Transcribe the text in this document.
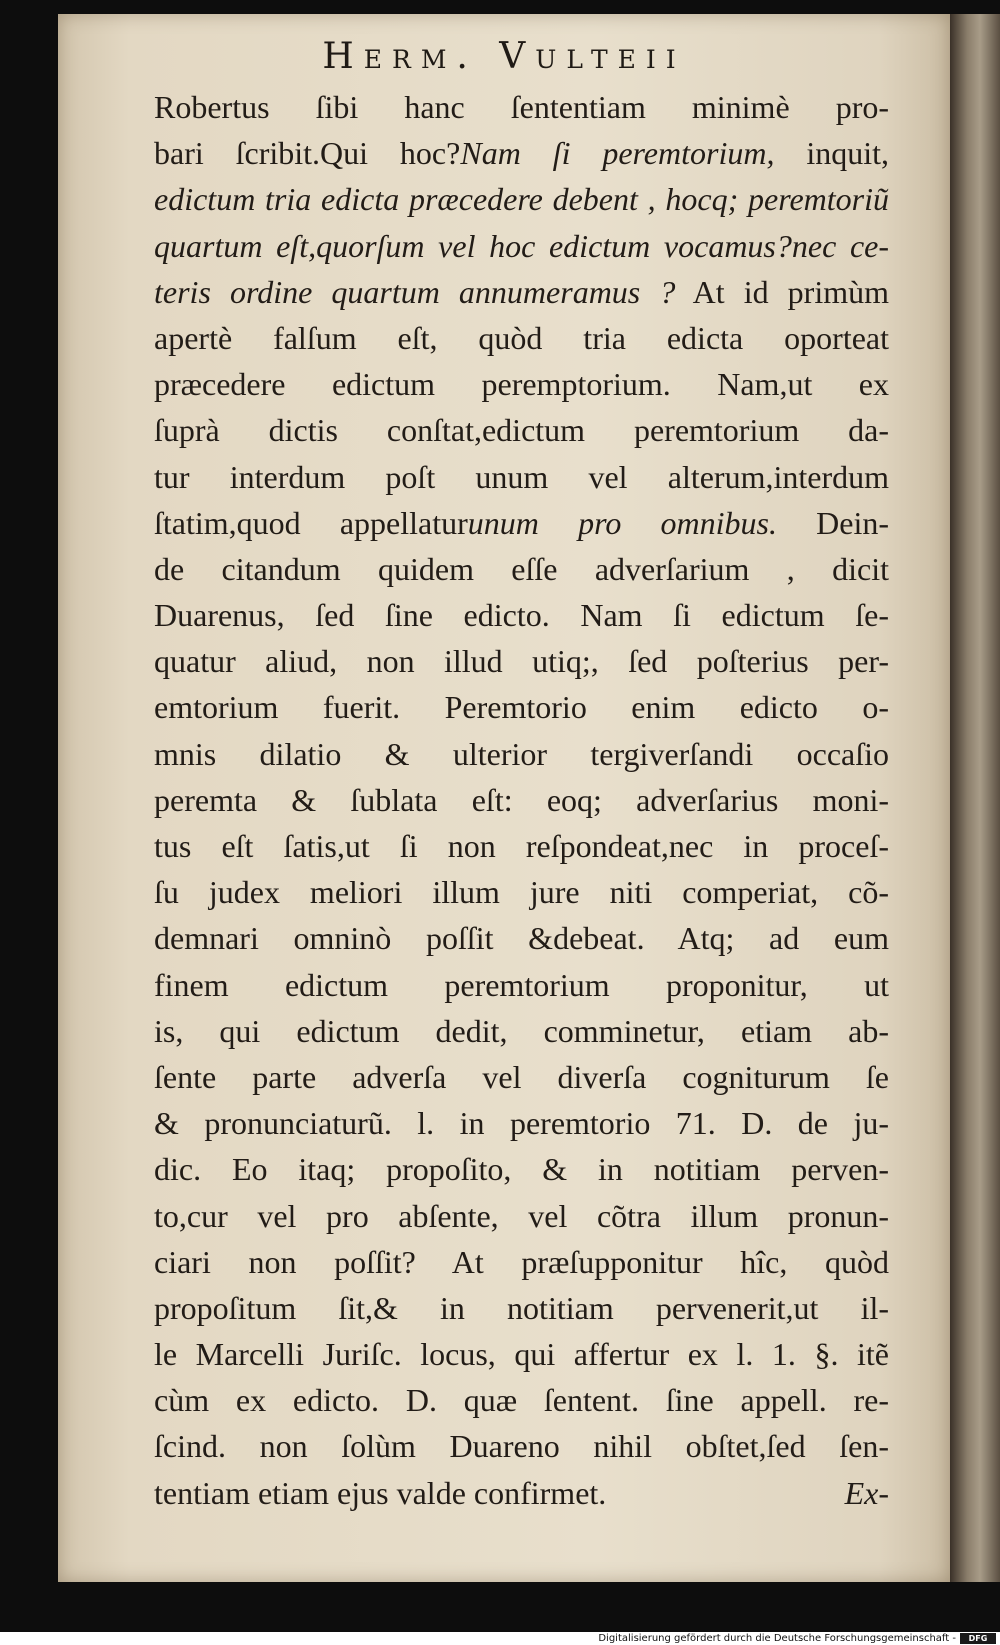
Herm. Vulteii
Robertus ſibi hanc ſententiam minimè pro-
bari ſcribit.Qui hoc?Nam ſi peremtorium, inquit,
edictum tria edicta præcedere debent , hocq; peremtoriũ
quartum eſt,quorſum vel hoc edictum vocamus?nec ce-
teris ordine quartum annumeramus ? At id primùm
apertè falſum eſt, quòd tria edicta oporteat
præcedere edictum peremptorium. Nam,ut ex
ſuprà dictis conſtat,edictum peremtorium da-
tur interdum poſt unum vel alterum,interdum
ſtatim,quod appellaturunum pro omnibus. Dein-
de citandum quidem eſſe adverſarium , dicit
Duarenus, ſed ſine edicto. Nam ſi edictum ſe-
quatur aliud, non illud utiq;, ſed poſterius per-
emtorium fuerit. Peremtorio enim edicto o-
mnis dilatio & ulterior tergiverſandi occaſio
peremta & ſublata eſt: eoq; adverſarius moni-
tus eſt ſatis,ut ſi non reſpondeat,nec in proceſ-
ſu judex meliori illum jure niti comperiat, cõ-
demnari omninò poſſit &debeat. Atq; ad eum
finem edictum peremtorium proponitur, ut
is, qui edictum dedit, comminetur, etiam ab-
ſente parte adverſa vel diverſa cogniturum ſe
& pronunciaturũ. l. in peremtorio 71. D. de ju-
dic. Eo itaq; propoſito, & in notitiam perven-
to,cur vel pro abſente, vel cõtra illum pronun-
ciari non poſſit? At præſupponitur hîc, quòd
propoſitum ſit,& in notitiam pervenerit,ut il-
le Marcelli Juriſc. locus, qui affertur ex l. 1. §. itẽ
cùm ex edicto. D. quæ ſentent. ſine appell. re-
ſcind. non ſolùm Duareno nihil obſtet,ſed ſen-
tentiam etiam ejus valde confirmet.	Ex-
Digitalisierung gefördert durch die Deutsche Forschungsgemeinschaft -	DFG
